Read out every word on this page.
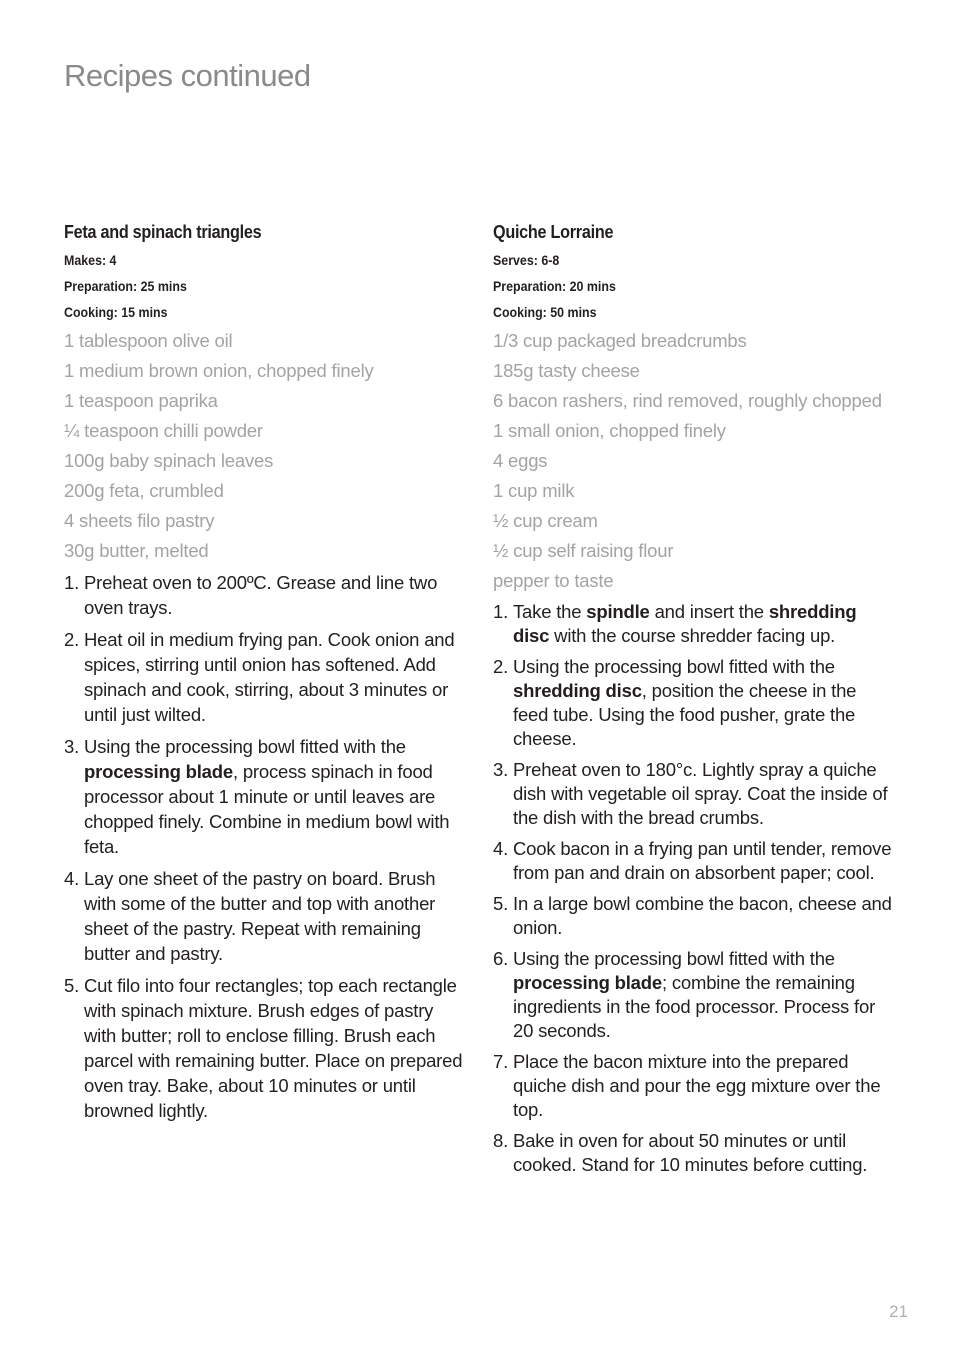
Recipes continued
Feta and spinach triangles
Makes: 4
Preparation: 25 mins
Cooking: 15 mins
1 tablespoon olive oil
1 medium brown onion, chopped finely
1 teaspoon paprika
¼ teaspoon chilli powder
100g baby spinach leaves
200g feta, crumbled
4 sheets filo pastry
30g butter, melted
1. Preheat oven to 200ºC. Grease and line two oven trays.
2. Heat oil in medium frying pan. Cook onion and spices, stirring until onion has softened. Add spinach and cook, stirring, about 3 minutes or until just wilted.
3. Using the processing bowl fitted with the processing blade, process spinach in food processor about 1 minute or until leaves are chopped finely. Combine in medium bowl with feta.
4. Lay one sheet of the pastry on board. Brush with some of the butter and top with another sheet of the pastry. Repeat with remaining butter and pastry.
5. Cut filo into four rectangles; top each rectangle with spinach mixture. Brush edges of pastry with butter; roll to enclose filling. Brush each parcel with remaining butter. Place on prepared oven tray. Bake, about 10 minutes or until browned lightly.
Quiche Lorraine
Serves: 6-8
Preparation: 20 mins
Cooking: 50 mins
1/3 cup packaged breadcrumbs
185g tasty cheese
6 bacon rashers, rind removed, roughly chopped
1 small onion, chopped finely
4 eggs
1 cup milk
½ cup cream
½ cup self raising flour
pepper to taste
1. Take the spindle and insert the shredding disc with the course shredder facing up.
2. Using the processing bowl fitted with the shredding disc, position the cheese in the feed tube. Using the food pusher, grate the cheese.
3. Preheat oven to 180°c. Lightly spray a quiche dish with vegetable oil spray. Coat the inside of the dish with the bread crumbs.
4. Cook bacon in a frying pan until tender, remove from pan and drain on absorbent paper; cool.
5. In a large bowl combine the bacon, cheese and onion.
6. Using the processing bowl fitted with the processing blade; combine the remaining ingredients in the food processor. Process for 20 seconds.
7. Place the bacon mixture into the prepared quiche dish and pour the egg mixture over the top.
8. Bake in oven for about 50 minutes or until cooked. Stand for 10 minutes before cutting.
21
